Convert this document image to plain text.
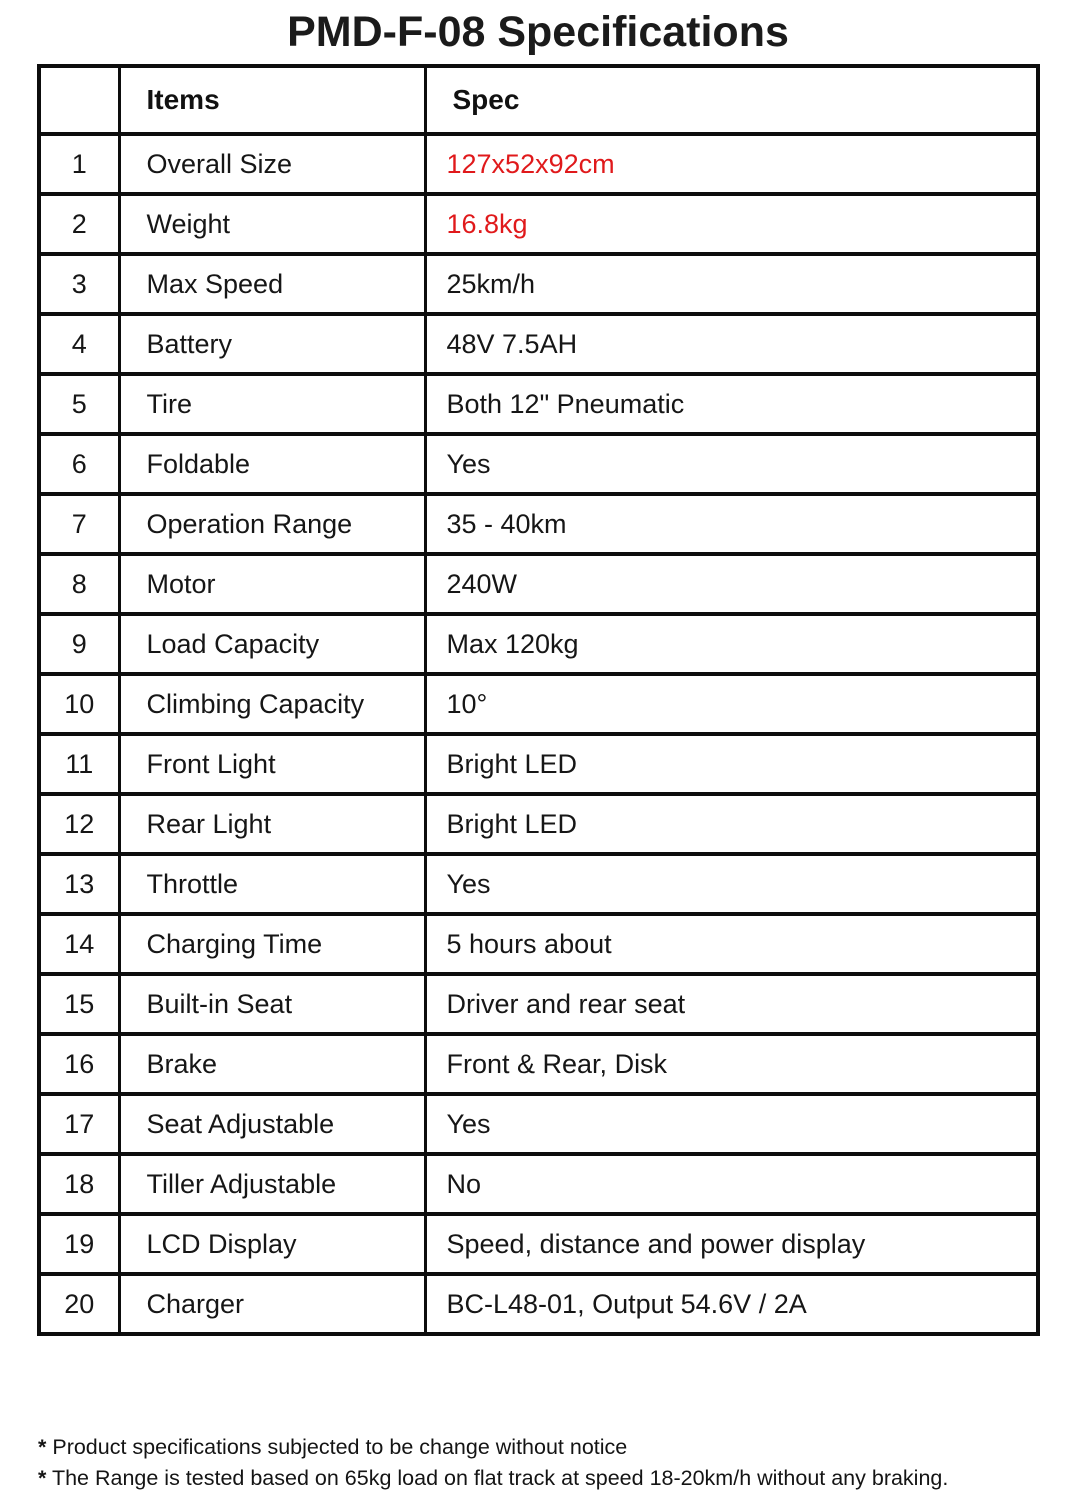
PMD-F-08 Specifications
	Items	Spec
1	Overall Size	127x52x92cm
2	Weight	16.8kg
3	Max Speed	25km/h
4	Battery	48V 7.5AH
5	Tire	Both 12" Pneumatic
6	Foldable	Yes
7	Operation Range	35 - 40km
8	Motor	240W
9	Load Capacity	Max 120kg
10	Climbing Capacity	10°
11	Front Light	Bright LED
12	Rear Light	Bright LED
13	Throttle	Yes
14	Charging Time	5 hours about
15	Built-in Seat	Driver and rear seat
16	Brake	Front & Rear, Disk
17	Seat Adjustable	Yes
18	Tiller Adjustable	No
19	LCD Display	Speed, distance and power display
20	Charger	BC-L48-01, Output 54.6V / 2A
* Product specifications subjected to be change without notice
* The Range is tested based on 65kg load on flat track at speed 18-20km/h without any braking.
